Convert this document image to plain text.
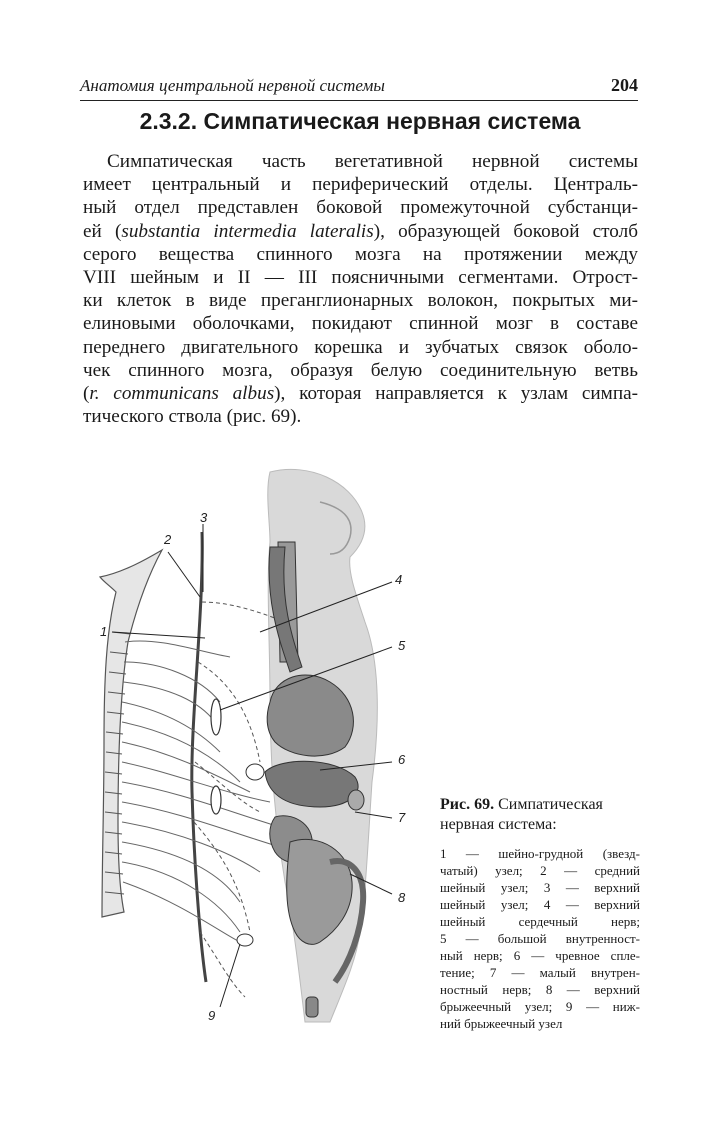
Анатомия центральной нервной системы	204
2.3.2. Симпатическая нервная система
Симпатическая часть вегетативной нервной системы
имеет центральный и периферический отделы. Централь-
ный отдел представлен боковой промежуточной субстанци-
ей (substantia intermedia lateralis), образующей боковой столб
серого вещества спинного мозга на протяжении между
VIII шейным и II — III поясничными сегментами. Отрост-
ки клеток в виде преганглионарных волокон, покрытых ми-
елиновыми оболочками, покидают спинной мозг в составе
переднего двигательного корешка и зубчатых связок оболо-
чек спинного мозга, образуя белую соединительную ветвь
(r. communicans albus), которая направляется к узлам симпа-
тического ствола (рис. 69).
1
2
3
4
5
6
7
8
9
Рис. 69. Симпатическая нервная система:
1 — шейно-грудной (звезд-
чатый) узел; 2 — средний
шейный узел; 3 — верхний
шейный узел; 4 — верхний
шейный сердечный нерв;
5 — большой внутренност-
ный нерв; 6 — чревное спле-
тение; 7 — малый внутрен-
ностный нерв; 8 — верхний
брыжеечный узел; 9 — ниж-
ний брыжеечный узел
